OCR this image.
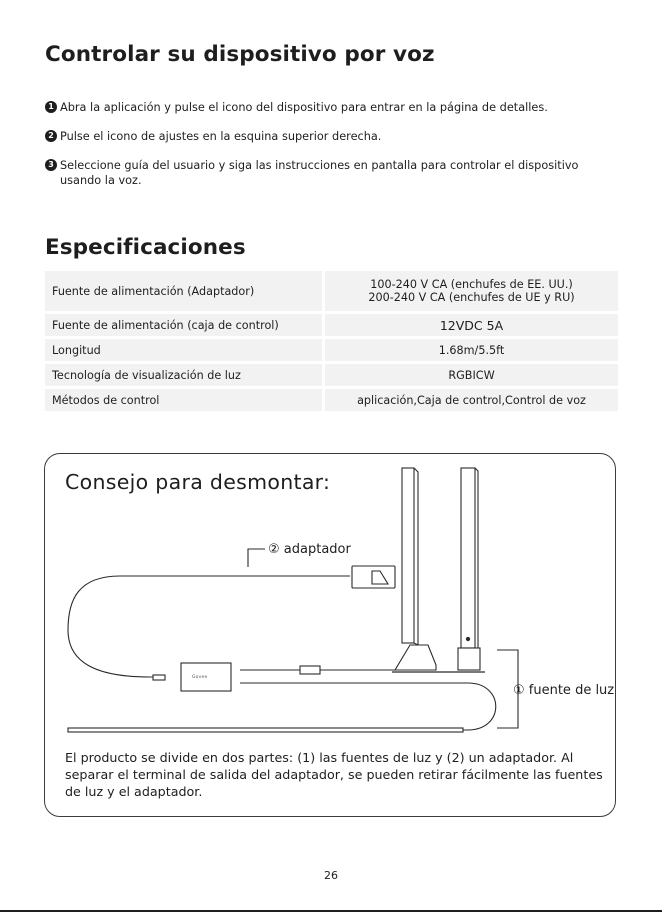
Controlar su dispositivo por voz
1 Abra la aplicación y pulse el icono del dispositivo para entrar en la página de detalles.
2 Pulse el icono de ajustes en la esquina superior derecha.
3 Seleccione guía del usuario y siga las instrucciones en pantalla para controlar el dispositivo usando la voz.
Especificaciones
Fuente de alimentación (Adaptador)	100-240 V CA (enchufes de EE. UU.)
200-240 V CA (enchufes de UE y RU)

Fuente de alimentación (caja de control)	12VDC 5A
Longitud	1.68m/5.5ft
Tecnología de visualización de luz	RGBICW
Métodos de control	aplicación,Caja de control,Control de voz
Consejo para desmontar:
Govee
② adaptador
① fuente de luz
El producto se divide en dos partes: (1) las fuentes de luz y (2) un adaptador. Al separar el terminal de salida del adaptador, se pueden retirar fácilmente las fuentes de luz y el adaptador.
26
